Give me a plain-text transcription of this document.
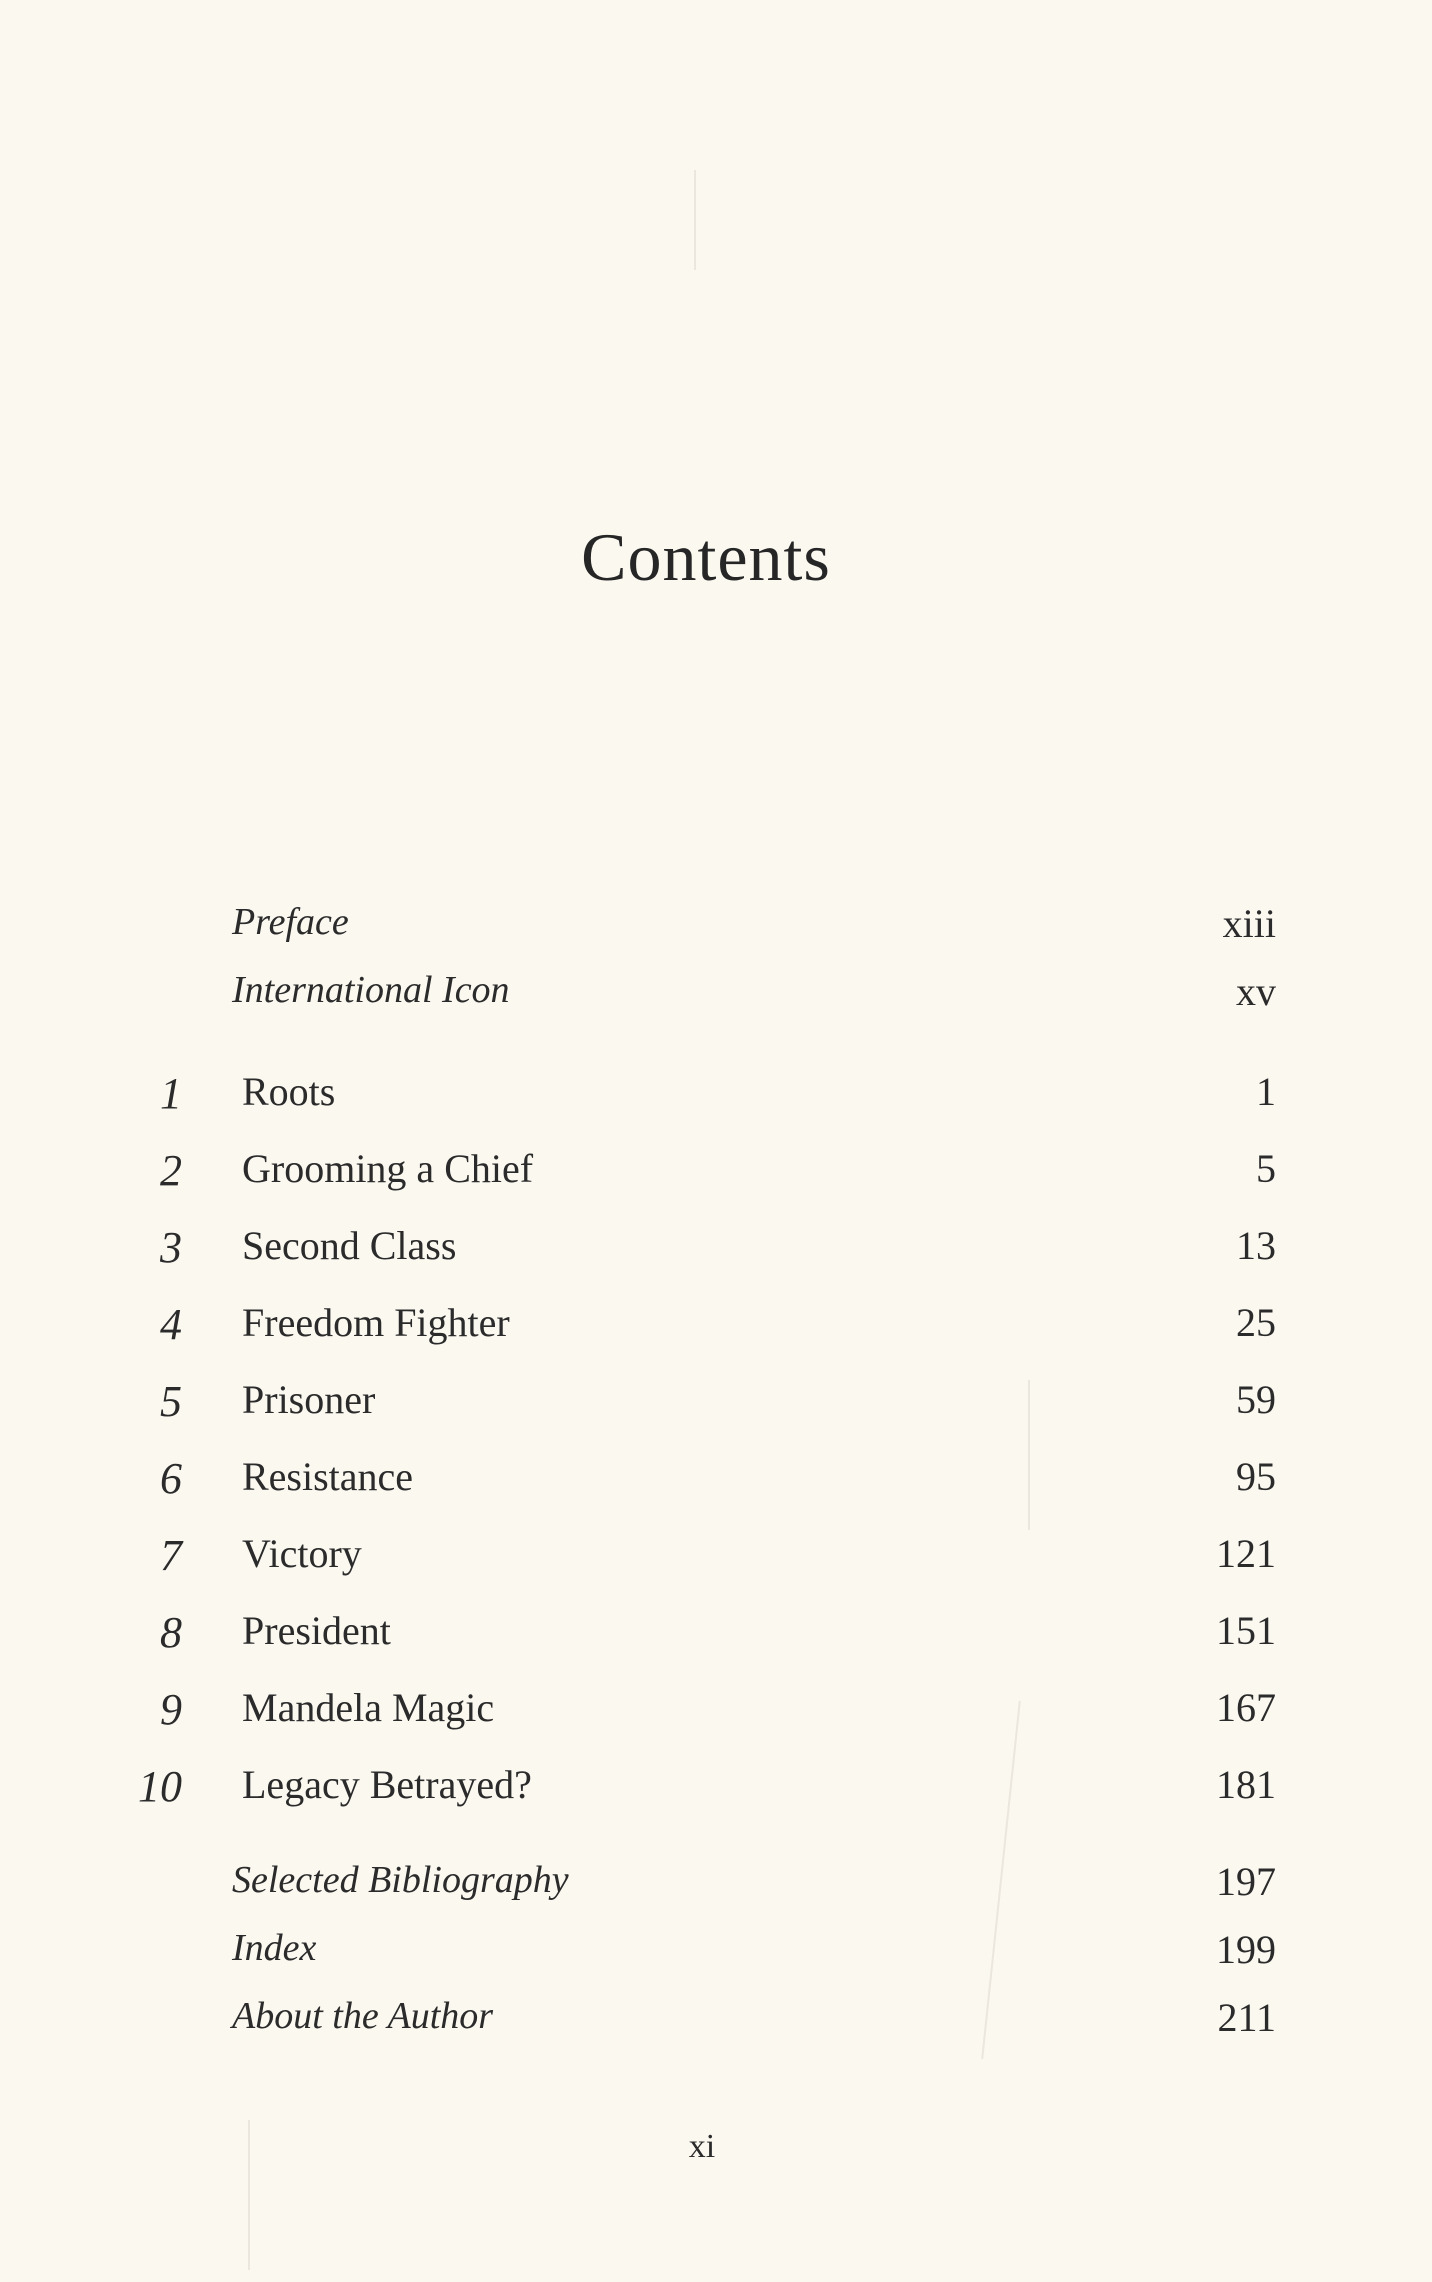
Contents
Preface	xiii
International Icon	xv
1 Roots	1
2 Grooming a Chief	5
3 Second Class	13
4 Freedom Fighter	25
5 Prisoner	59
6 Resistance	95
7 Victory	121
8 President	151
9 Mandela Magic	167
10 Legacy Betrayed?	181
Selected Bibliography	197
Index	199
About the Author	211
xi
